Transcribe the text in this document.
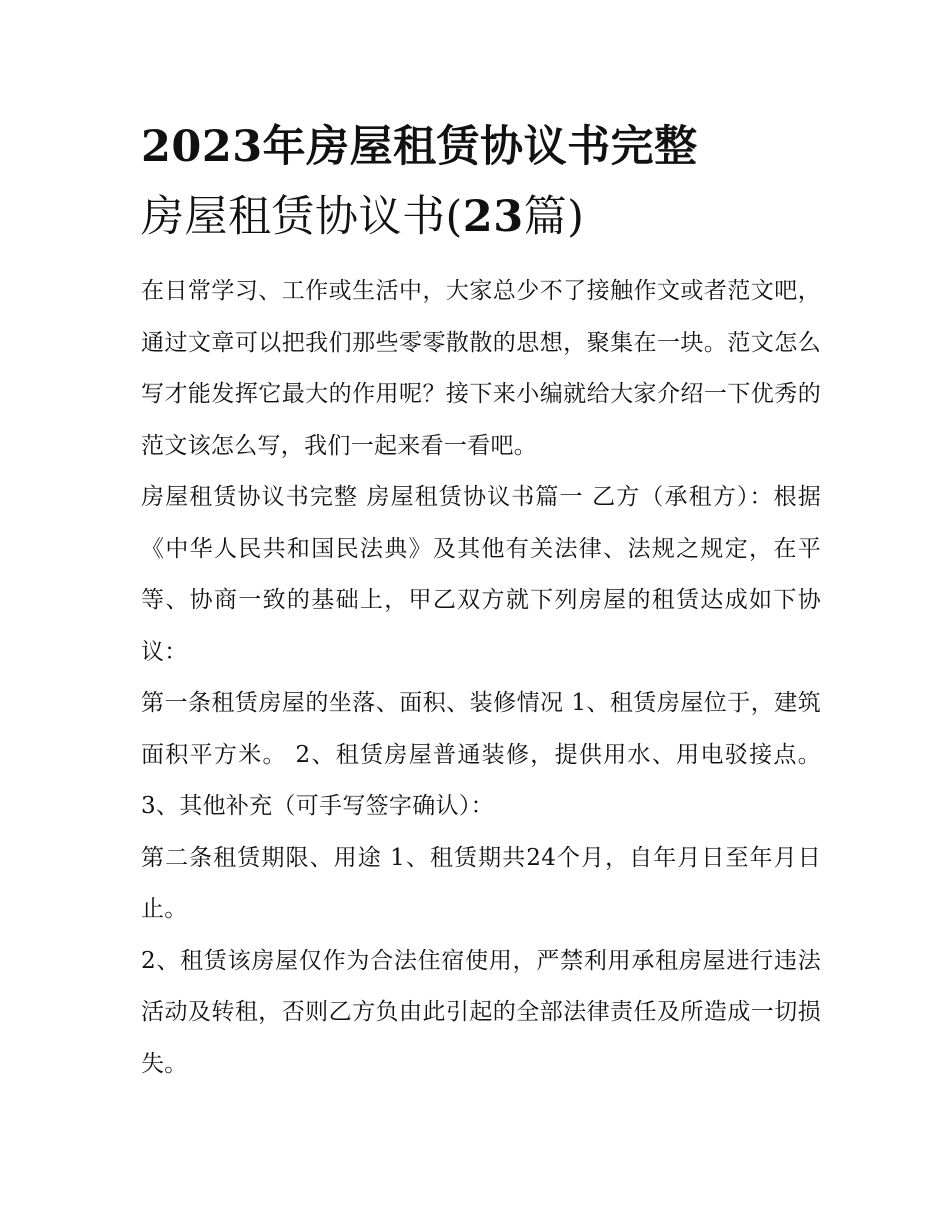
2023年房屋租赁协议书完整
房屋租赁协议书(23篇)

在日常学习、工作或生活中，大家总少不了接触作文或者范文吧，通过文章可以把我们那些零零散散的思想，聚集在一块。范文怎么写才能发挥它最大的作用呢？接下来小编就给大家介绍一下优秀的范文该怎么写，我们一起来看一看吧。

房屋租赁协议书完整 房屋租赁协议书篇一 乙方（承租方）：根据《中华人民共和国民法典》及其他有关法律、法规之规定，在平等、协商一致的基础上，甲乙双方就下列房屋的租赁达成如下协议：

第一条租赁房屋的坐落、面积、装修情况 1、租赁房屋位于，建筑面积平方米。 2、租赁房屋普通装修，提供用水、用电驳接点。 3、其他补充（可手写签字确认）：

第二条租赁期限、用途 1、租赁期共24个月，自年月日至年月日止。

2、租赁该房屋仅作为合法住宿使用，严禁利用承租房屋进行违法活动及转租，否则乙方负由此引起的全部法律责任及所造成一切损失。
